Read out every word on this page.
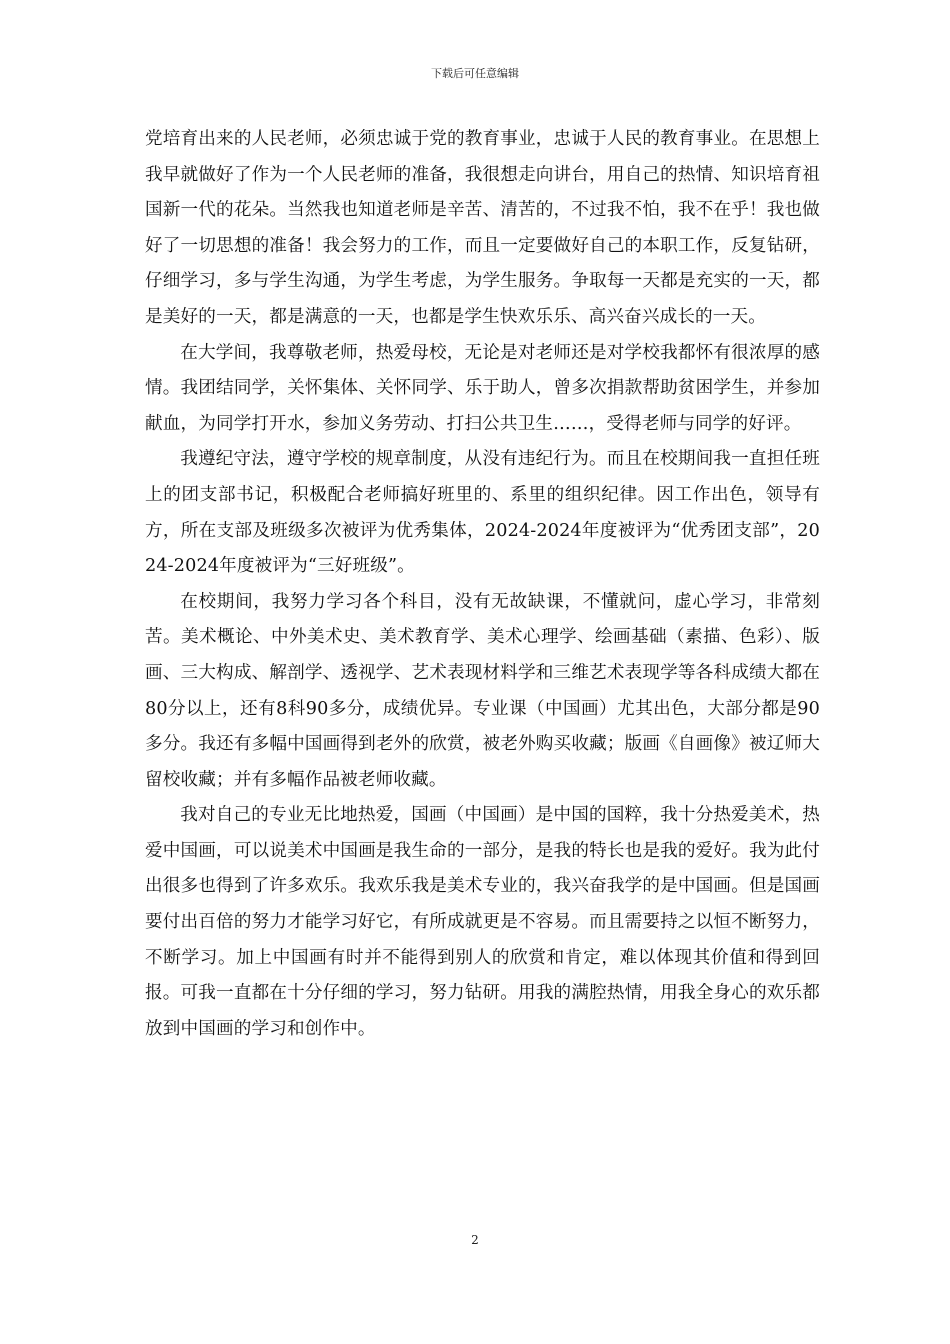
下载后可任意编辑

党培育出来的人民老师，必须忠诚于党的教育事业，忠诚于人民的教育事业。在思想上我早就做好了作为一个人民老师的准备，我很想走向讲台，用自己的热情、知识培育祖国新一代的花朵。当然我也知道老师是辛苦、清苦的，不过我不怕，我不在乎！我也做好了一切思想的准备！我会努力的工作，而且一定要做好自己的本职工作，反复钻研，仔细学习，多与学生沟通，为学生考虑，为学生服务。争取每一天都是充实的一天，都是美好的一天，都是满意的一天，也都是学生快欢乐乐、高兴奋兴成长的一天。

在大学间，我尊敬老师，热爱母校，无论是对老师还是对学校我都怀有很浓厚的感情。我团结同学，关怀集体、关怀同学、乐于助人，曾多次捐款帮助贫困学生，并参加献血，为同学打开水，参加义务劳动、打扫公共卫生……，受得老师与同学的好评。

我遵纪守法，遵守学校的规章制度，从没有违纪行为。而且在校期间我一直担任班上的团支部书记，积极配合老师搞好班里的、系里的组织纪律。因工作出色，领导有方，所在支部及班级多次被评为优秀集体，2024-2024年度被评为“优秀团支部”，2024-2024年度被评为“三好班级”。

在校期间，我努力学习各个科目，没有无故缺课，不懂就问，虚心学习，非常刻苦。美术概论、中外美术史、美术教育学、美术心理学、绘画基础（素描、色彩）、版画、三大构成、解剖学、透视学、艺术表现材料学和三维艺术表现学等各科成绩大都在80分以上，还有8科90多分，成绩优异。专业课（中国画）尤其出色，大部分都是90多分。我还有多幅中国画得到老外的欣赏，被老外购买收藏；版画《自画像》被辽师大留校收藏；并有多幅作品被老师收藏。

我对自己的专业无比地热爱，国画（中国画）是中国的国粹，我十分热爱美术，热爱中国画，可以说美术中国画是我生命的一部分，是我的特长也是我的爱好。我为此付出很多也得到了许多欢乐。我欢乐我是美术专业的，我兴奋我学的是中国画。但是国画要付出百倍的努力才能学习好它，有所成就更是不容易。而且需要持之以恒不断努力，不断学习。加上中国画有时并不能得到别人的欣赏和肯定，难以体现其价值和得到回报。可我一直都在十分仔细的学习，努力钻研。用我的满腔热情，用我全身心的欢乐都放到中国画的学习和创作中。

2
